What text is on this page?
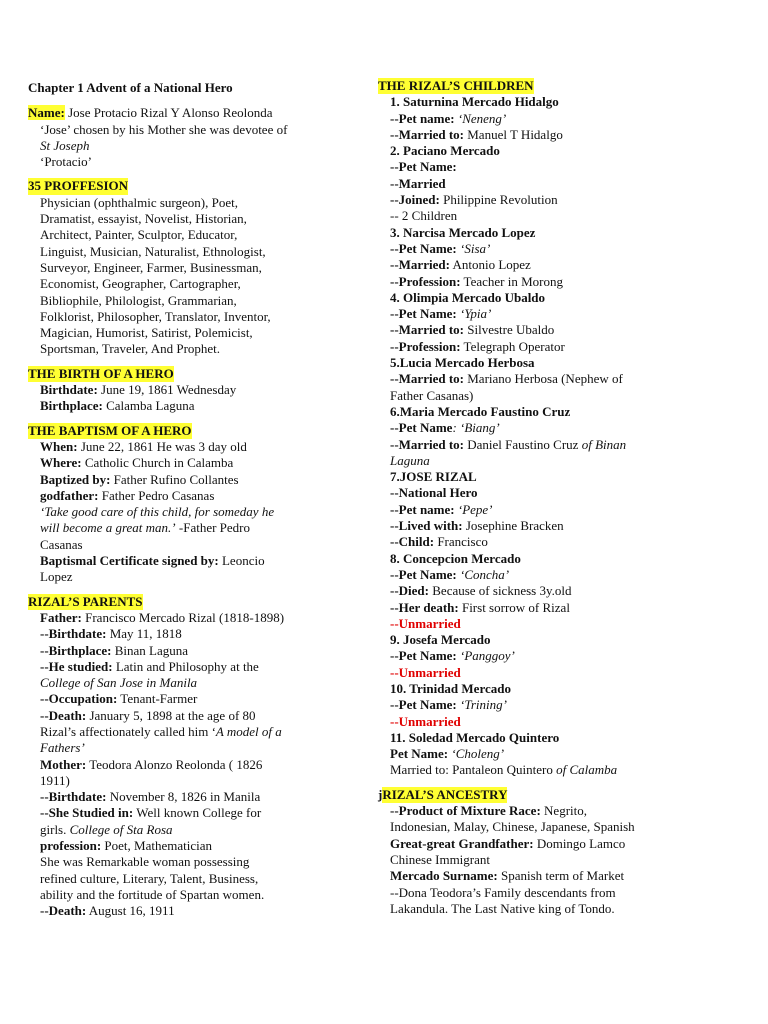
Chapter 1 Advent of a National Hero
Name: Jose Protacio Rizal Y Alonso Reolonda
‘Jose’ chosen by his Mother she was devotee of
St Joseph
‘Protacio’
35 PROFFESION
Physician (ophthalmic surgeon), Poet,
Dramatist, essayist, Novelist, Historian,
Architect, Painter, Sculptor, Educator,
Linguist, Musician, Naturalist, Ethnologist,
Surveyor, Engineer, Farmer, Businessman,
Economist, Geographer, Cartographer,
Bibliophile, Philologist, Grammarian,
Folklorist, Philosopher, Translator, Inventor,
Magician, Humorist, Satirist, Polemicist,
Sportsman, Traveler, And Prophet.
THE BIRTH OF A HERO
Birthdate: June 19, 1861 Wednesday
Birthplace: Calamba Laguna
THE BAPTISM OF A HERO
When: June 22, 1861 He was 3 day old
Where: Catholic Church in Calamba
Baptized by: Father Rufino Collantes
godfather: Father Pedro Casanas
‘Take good care of this child, for someday he
will become a great man.’ -Father Pedro
Casanas
Baptismal Certificate signed by: Leoncio
Lopez
RIZAL’S PARENTS
Father: Francisco Mercado Rizal (1818-1898)
--Birthdate: May 11, 1818
--Birthplace: Binan Laguna
--He studied: Latin and Philosophy at the
College of San Jose in Manila
--Occupation: Tenant-Farmer
--Death: January 5, 1898 at the age of 80
Rizal’s affectionately called him ‘A model of a
Fathers’
Mother: Teodora Alonzo Reolonda ( 1826
1911)
--Birthdate: November 8, 1826 in Manila
--She Studied in: Well known College for
girls. College of Sta Rosa
profession: Poet, Mathematician
She was Remarkable woman possessing
refined culture, Literary, Talent, Business,
ability and the fortitude of Spartan women.
--Death: August 16, 1911
THE RIZAL’S CHILDREN
1. Saturnina Mercado Hidalgo
--Pet name: ‘Neneng’
--Married to: Manuel T Hidalgo
2. Paciano Mercado
--Pet Name:
--Married
--Joined: Philippine Revolution
-- 2 Children
3. Narcisa Mercado Lopez
--Pet Name: ‘Sisa’
--Married: Antonio Lopez
--Profession: Teacher in Morong
4. Olimpia Mercado Ubaldo
--Pet Name: ‘Ypia’
--Married to: Silvestre Ubaldo
--Profession: Telegraph Operator
5.Lucia Mercado Herbosa
--Married to: Mariano Herbosa (Nephew of
Father Casanas)
6.Maria Mercado Faustino Cruz
--Pet Name: ‘Biang’
--Married to: Daniel Faustino Cruz of Binan
Laguna
7.JOSE RIZAL
--National Hero
--Pet name: ‘Pepe’
--Lived with: Josephine Bracken
--Child: Francisco
8. Concepcion Mercado
--Pet Name: ‘Concha’
--Died: Because of sickness 3y.old
--Her death: First sorrow of Rizal
--Unmarried
9. Josefa Mercado
--Pet Name: ‘Panggoy’
--Unmarried
10. Trinidad Mercado
--Pet Name: ‘Trining’
--Unmarried
11. Soledad Mercado Quintero
Pet Name: ‘Choleng’
Married to: Pantaleon Quintero of Calamba
jRIZAL’S ANCESTRY
--Product of Mixture Race: Negrito,
Indonesian, Malay, Chinese, Japanese, Spanish
Great-great Grandfather: Domingo Lamco
Chinese Immigrant
Mercado Surname: Spanish term of Market
--Dona Teodora’s Family descendants from
Lakandula. The Last Native king of Tondo.
